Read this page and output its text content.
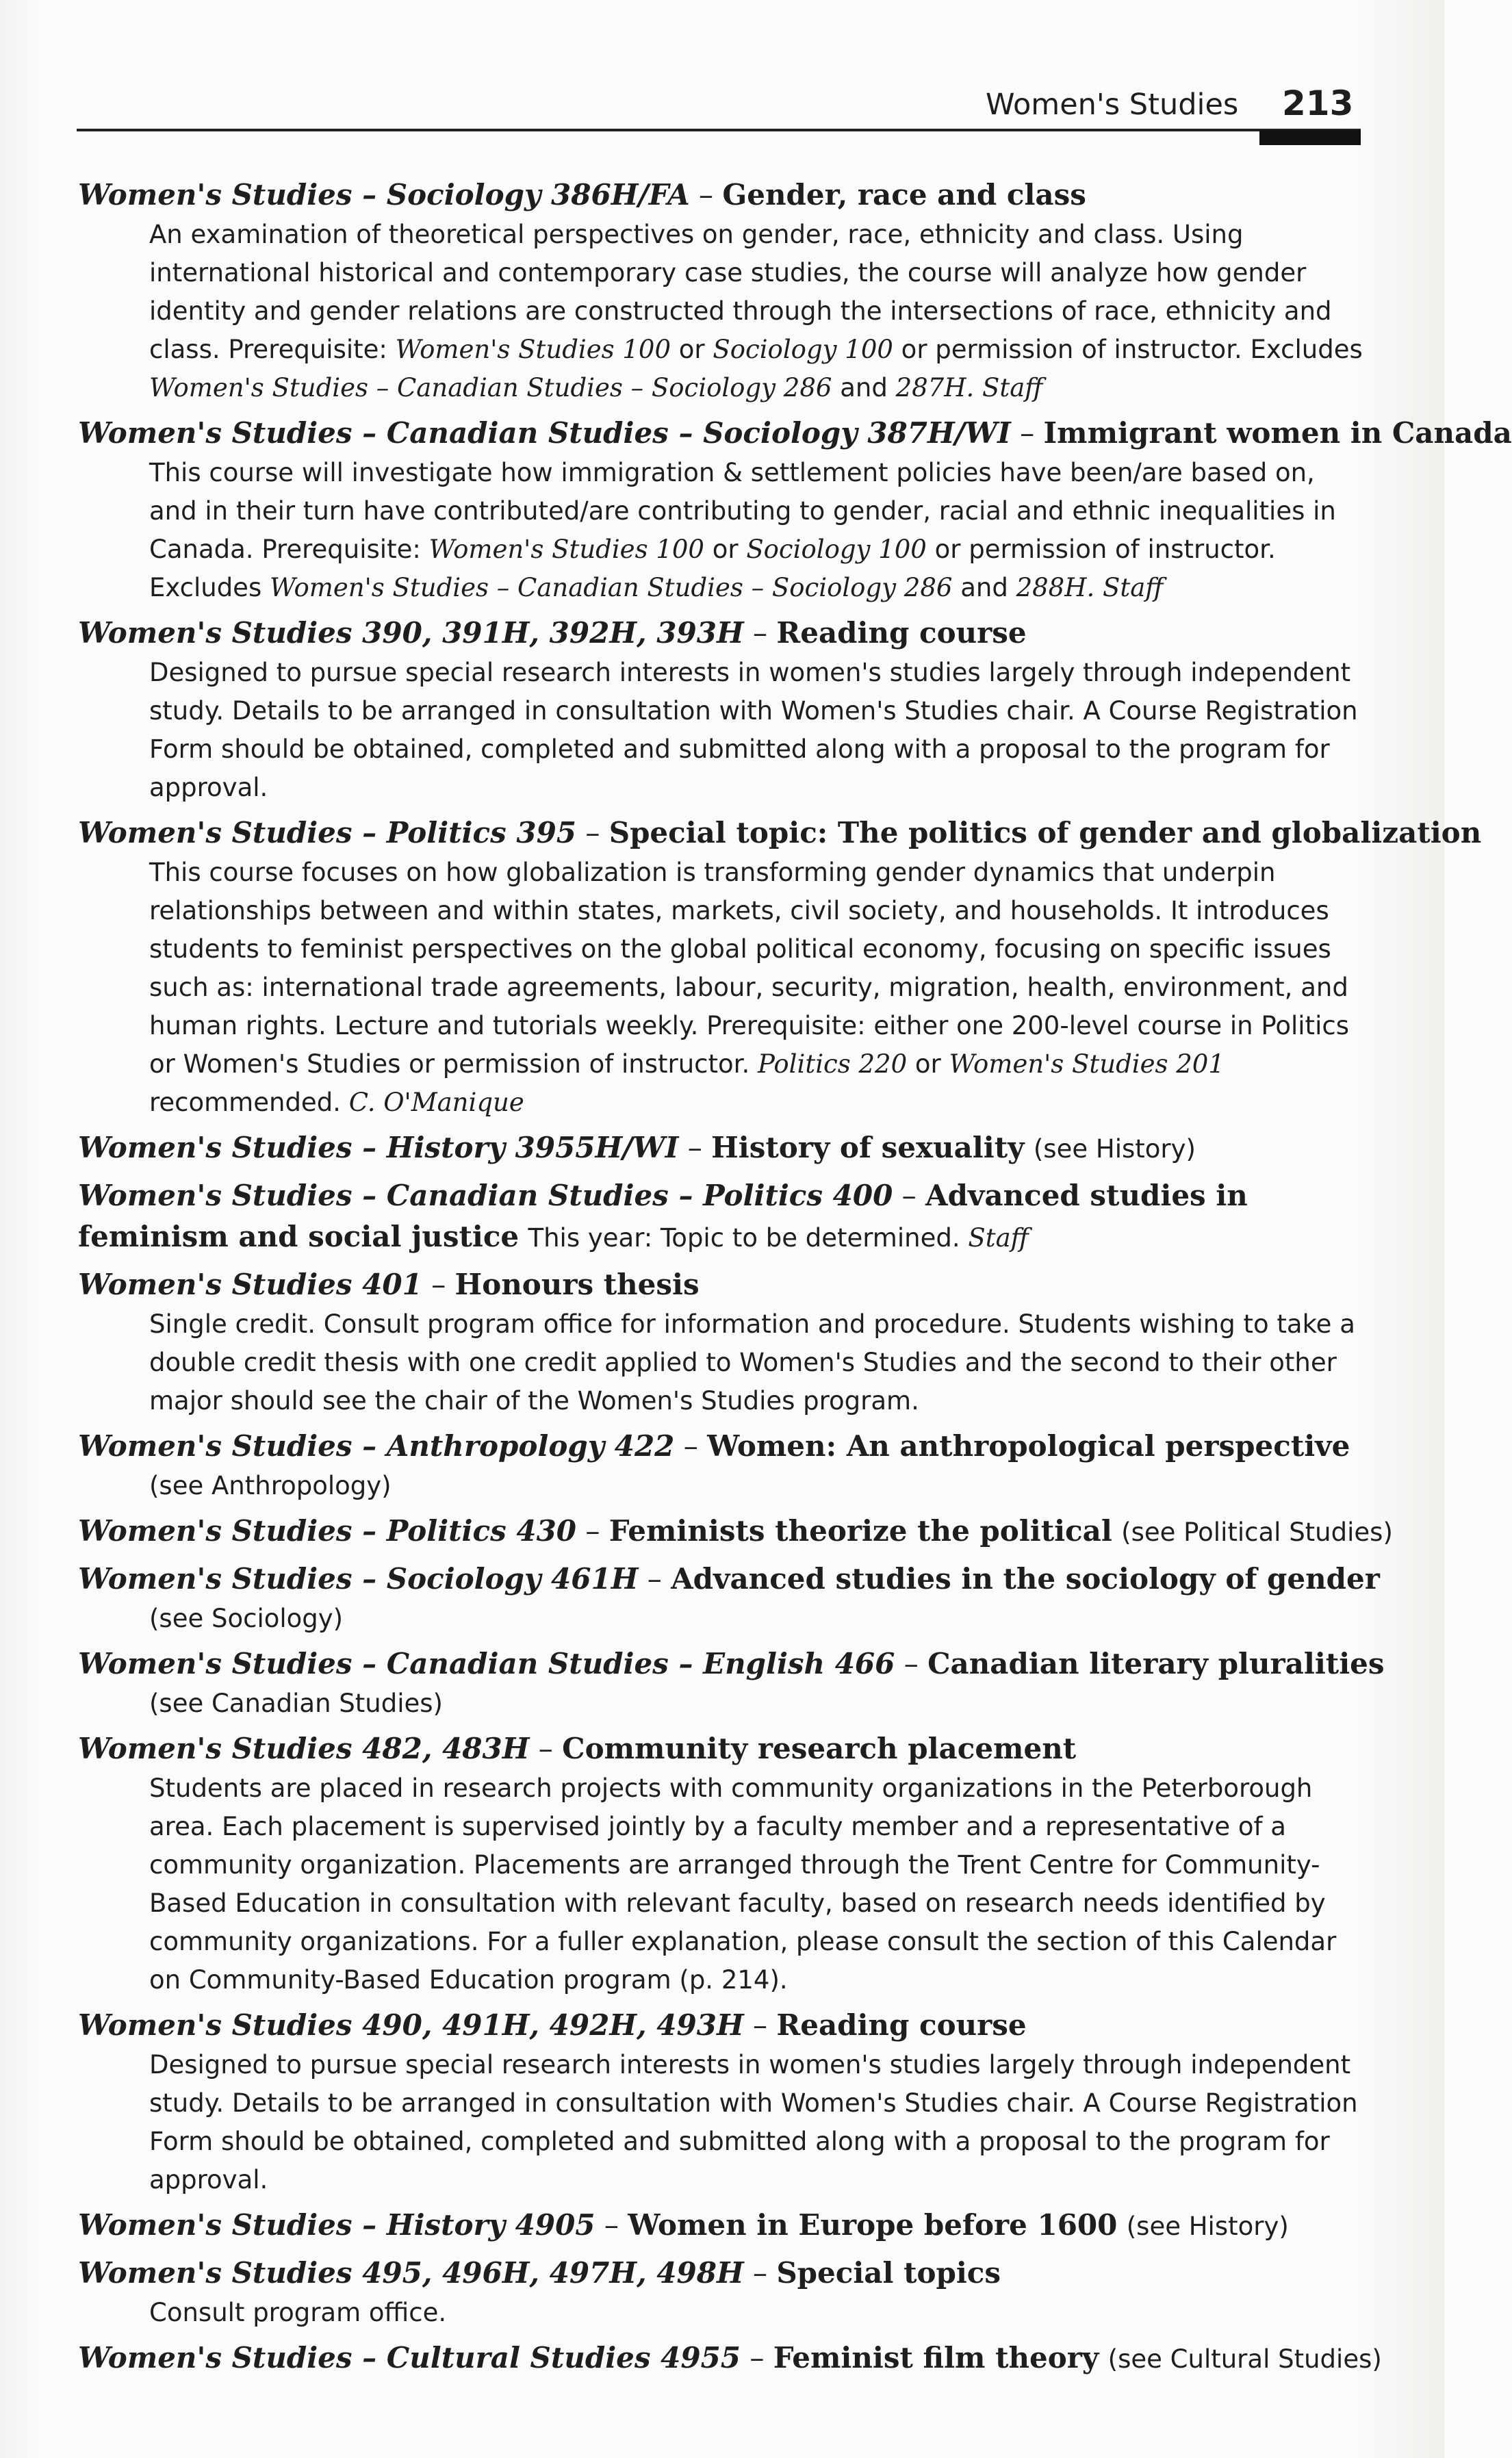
Women's Studies 213
Women's Studies – Sociology 386H/FA – Gender, race and class
An examination of theoretical perspectives on gender, race, ethnicity and class. Using international historical and contemporary case studies, the course will analyze how gender identity and gender relations are constructed through the intersections of race, ethnicity and class. Prerequisite: Women's Studies 100 or Sociology 100 or permission of instructor. Excludes Women's Studies – Canadian Studies – Sociology 286 and 287H. Staff
Women's Studies – Canadian Studies – Sociology 387H/WI – Immigrant women in Canada
This course will investigate how immigration & settlement policies have been/are based on, and in their turn have contributed/are contributing to gender, racial and ethnic inequalities in Canada. Prerequisite: Women's Studies 100 or Sociology 100 or permission of instructor. Excludes Women's Studies – Canadian Studies – Sociology 286 and 288H. Staff
Women's Studies 390, 391H, 392H, 393H – Reading course
Designed to pursue special research interests in women's studies largely through independent study. Details to be arranged in consultation with Women's Studies chair. A Course Registration Form should be obtained, completed and submitted along with a proposal to the program for approval.
Women's Studies – Politics 395 – Special topic: The politics of gender and globalization
This course focuses on how globalization is transforming gender dynamics that underpin relationships between and within states, markets, civil society, and households. It introduces students to feminist perspectives on the global political economy, focusing on specific issues such as: international trade agreements, labour, security, migration, health, environment, and human rights. Lecture and tutorials weekly. Prerequisite: either one 200-level course in Politics or Women's Studies or permission of instructor. Politics 220 or Women's Studies 201 recommended. C. O'Manique
Women's Studies – History 3955H/WI – History of sexuality (see History)
Women's Studies – Canadian Studies – Politics 400 – Advanced studies in feminism and social justice This year: Topic to be determined. Staff
Women's Studies 401 – Honours thesis
Single credit. Consult program office for information and procedure. Students wishing to take a double credit thesis with one credit applied to Women's Studies and the second to their other major should see the chair of the Women's Studies program.
Women's Studies – Anthropology 422 – Women: An anthropological perspective
(see Anthropology)
Women's Studies – Politics 430 – Feminists theorize the political (see Political Studies)
Women's Studies – Sociology 461H – Advanced studies in the sociology of gender
(see Sociology)
Women's Studies – Canadian Studies – English 466 – Canadian literary pluralities
(see Canadian Studies)
Women's Studies 482, 483H – Community research placement
Students are placed in research projects with community organizations in the Peterborough area. Each placement is supervised jointly by a faculty member and a representative of a community organization. Placements are arranged through the Trent Centre for Community-Based Education in consultation with relevant faculty, based on research needs identified by community organizations. For a fuller explanation, please consult the section of this Calendar on Community-Based Education program (p. 214).
Women's Studies 490, 491H, 492H, 493H – Reading course
Designed to pursue special research interests in women's studies largely through independent study. Details to be arranged in consultation with Women's Studies chair. A Course Registration Form should be obtained, completed and submitted along with a proposal to the program for approval.
Women's Studies – History 4905 – Women in Europe before 1600 (see History)
Women's Studies 495, 496H, 497H, 498H – Special topics
Consult program office.
Women's Studies – Cultural Studies 4955 – Feminist film theory (see Cultural Studies)
